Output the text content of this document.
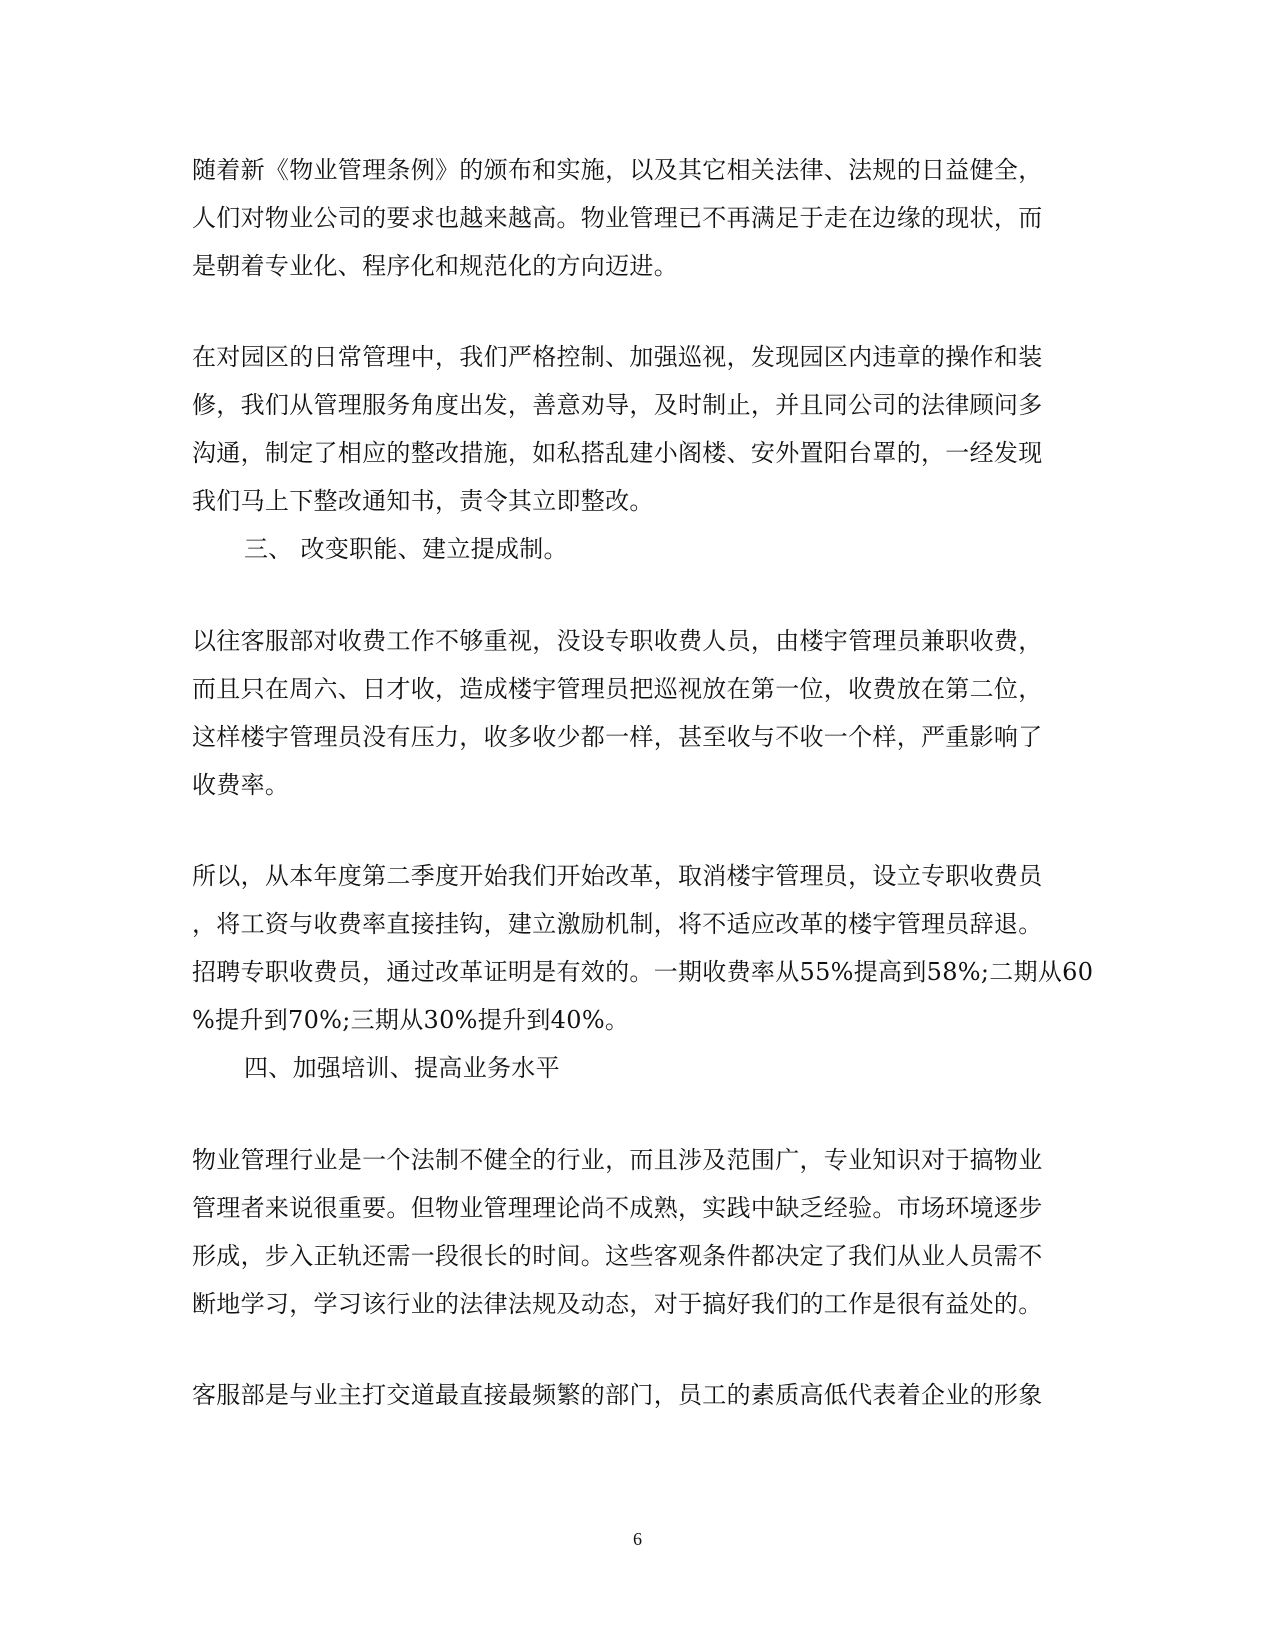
随着新《物业管理条例》的颁布和实施，以及其它相关法律、法规的日益健全，
人们对物业公司的要求也越来越高。物业管理已不再满足于走在边缘的现状，而
是朝着专业化、程序化和规范化的方向迈进。
在对园区的日常管理中，我们严格控制、加强巡视，发现园区内违章的操作和装
修，我们从管理服务角度出发，善意劝导，及时制止，并且同公司的法律顾问多
沟通，制定了相应的整改措施，如私搭乱建小阁楼、安外置阳台罩的，一经发现
我们马上下整改通知书，责令其立即整改。
三、 改变职能、建立提成制。
以往客服部对收费工作不够重视，没设专职收费人员，由楼宇管理员兼职收费，
而且只在周六、日才收，造成楼宇管理员把巡视放在第一位，收费放在第二位，
这样楼宇管理员没有压力，收多收少都一样，甚至收与不收一个样，严重影响了
收费率。
所以，从本年度第二季度开始我们开始改革，取消楼宇管理员，设立专职收费员
，将工资与收费率直接挂钩，建立激励机制，将不适应改革的楼宇管理员辞退。
招聘专职收费员，通过改革证明是有效的。一期收费率从55%提高到58%;二期从60
%提升到70%;三期从30%提升到40%。
四、加强培训、提高业务水平
物业管理行业是一个法制不健全的行业，而且涉及范围广，专业知识对于搞物业
管理者来说很重要。但物业管理理论尚不成熟，实践中缺乏经验。市场环境逐步
形成，步入正轨还需一段很长的时间。这些客观条件都决定了我们从业人员需不
断地学习，学习该行业的法律法规及动态，对于搞好我们的工作是很有益处的。
客服部是与业主打交道最直接最频繁的部门，员工的素质高低代表着企业的形象
6
